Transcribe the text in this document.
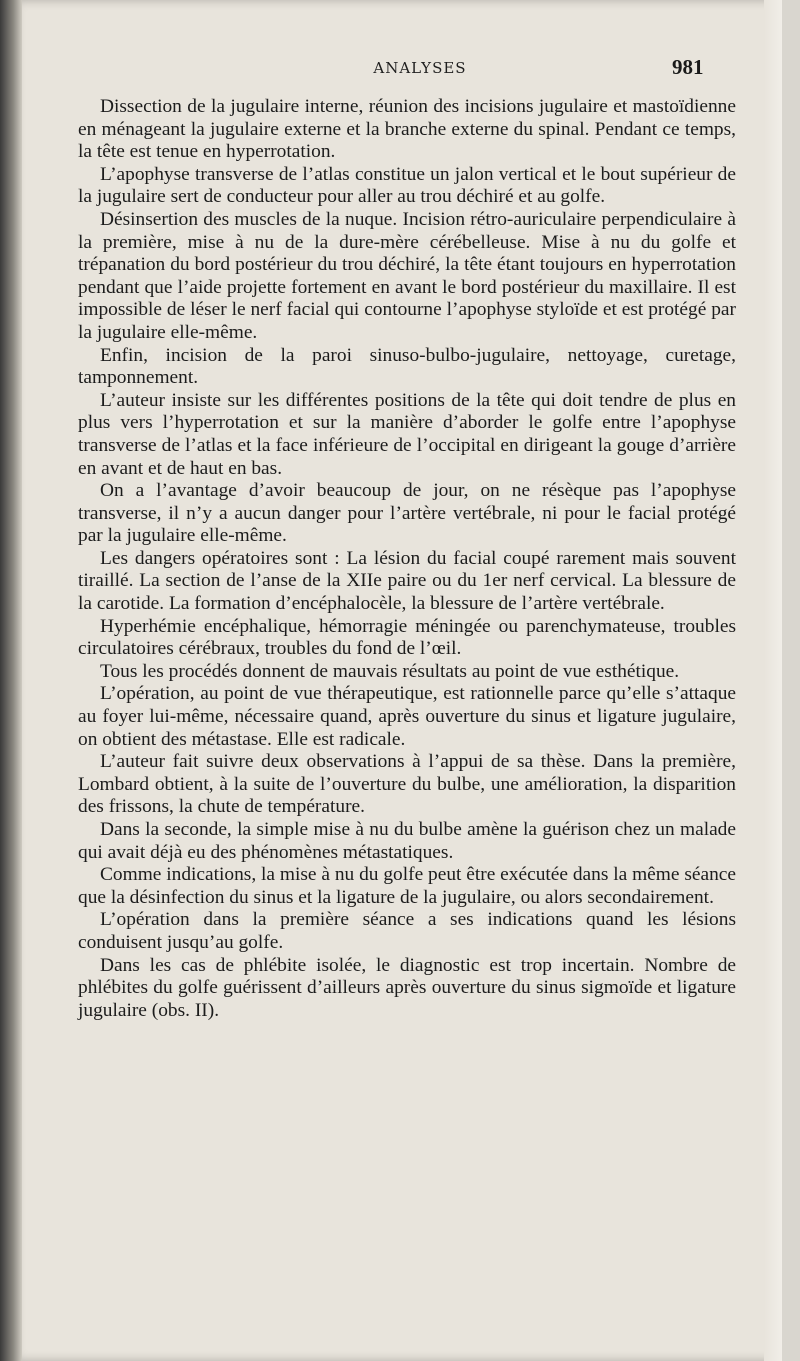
ANALYSES	981

Dissection de la jugulaire interne, réunion des incisions jugulaire et mastoïdienne en ménageant la jugulaire externe et la branche externe du spinal. Pendant ce temps, la tête est tenue en hyperrotation.

L’apophyse transverse de l’atlas constitue un jalon vertical et le bout supérieur de la jugulaire sert de conducteur pour aller au trou déchiré et au golfe.

Désinsertion des muscles de la nuque. Incision rétro-auriculaire perpendiculaire à la première, mise à nu de la dure-mère cérébelleuse. Mise à nu du golfe et trépanation du bord postérieur du trou déchiré, la tête étant toujours en hyperrotation pendant que l’aide projette fortement en avant le bord postérieur du maxillaire. Il est impossible de léser le nerf facial qui contourne l’apophyse styloïde et est protégé par la jugulaire elle-même.

Enfin, incision de la paroi sinuso-bulbo-jugulaire, nettoyage, curetage, tamponnement.

L’auteur insiste sur les différentes positions de la tête qui doit tendre de plus en plus vers l’hyperrotation et sur la manière d’aborder le golfe entre l’apophyse transverse de l’atlas et la face inférieure de l’occipital en dirigeant la gouge d’arrière en avant et de haut en bas.

On a l’avantage d’avoir beaucoup de jour, on ne résèque pas l’apophyse transverse, il n’y a aucun danger pour l’artère vertébrale, ni pour le facial protégé par la jugulaire elle-même.

Les dangers opératoires sont : La lésion du facial coupé rarement mais souvent tiraillé. La section de l’anse de la XIIe paire ou du 1er nerf cervical. La blessure de la carotide. La formation d’encéphalocèle, la blessure de l’artère vertébrale.

Hyperhémie encéphalique, hémorragie méningée ou parenchymateuse, troubles circulatoires cérébraux, troubles du fond de l’œil.

Tous les procédés donnent de mauvais résultats au point de vue esthétique.

L’opération, au point de vue thérapeutique, est rationnelle parce qu’elle s’attaque au foyer lui-même, nécessaire quand, après ouverture du sinus et ligature jugulaire, on obtient des métastase. Elle est radicale.

L’auteur fait suivre deux observations à l’appui de sa thèse. Dans la première, Lombard obtient, à la suite de l’ouverture du bulbe, une amélioration, la disparition des frissons, la chute de température.

Dans la seconde, la simple mise à nu du bulbe amène la guérison chez un malade qui avait déjà eu des phénomènes métastatiques.

Comme indications, la mise à nu du golfe peut être exécutée dans la même séance que la désinfection du sinus et la ligature de la jugulaire, ou alors secondairement.

L’opération dans la première séance a ses indications quand les lésions conduisent jusqu’au golfe.

Dans les cas de phlébite isolée, le diagnostic est trop incertain. Nombre de phlébites du golfe guérissent d’ailleurs après ouverture du sinus sigmoïde et ligature jugulaire (obs. II).
